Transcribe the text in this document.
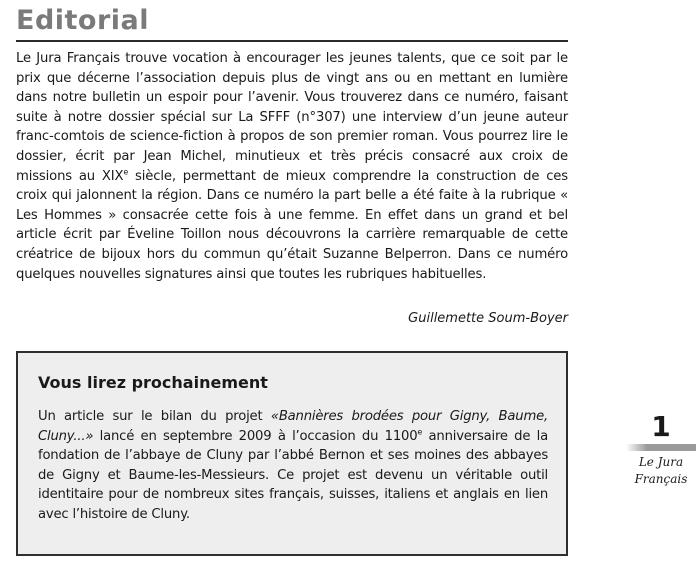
Editorial

Le Jura Français trouve vocation à encourager les jeunes talents, que ce soit par le prix que décerne l’association depuis plus de vingt ans ou en mettant en lumière dans notre bulletin un espoir pour l’avenir. Vous trouverez dans ce numéro, faisant suite à notre dossier spécial sur La SFFF (n°307) une interview d’un jeune auteur franc-comtois de science-fiction à propos de son premier roman. Vous pourrez lire le dossier, écrit par Jean Michel, minutieux et très précis consacré aux croix de missions au XIXe siècle, permettant de mieux comprendre la construction de ces croix qui jalonnent la région. Dans ce numéro la part belle a été faite à la rubrique « Les Hommes » consacrée cette fois à une femme. En effet dans un grand et bel article écrit par Éveline Toillon nous découvrons la carrière remarquable de cette créatrice de bijoux hors du commun qu’était Suzanne Belperron. Dans ce numéro quelques nouvelles signatures ainsi que toutes les rubriques habituelles.

Guillemette Soum-Boyer
Vous lirez prochainement

Un article sur le bilan du projet «Bannières brodées pour Gigny, Baume, Cluny...» lancé en septembre 2009 à l’occasion du 1100e anniversaire de la fondation de l’abbaye de Cluny par l’abbé Bernon et ses moines des abbayes de Gigny et Baume-les-Messieurs. Ce projet est devenu un véritable outil identitaire pour de nombreux sites français, suisses, italiens et anglais en lien avec l’histoire de Cluny.

1
Le Jura
Français
